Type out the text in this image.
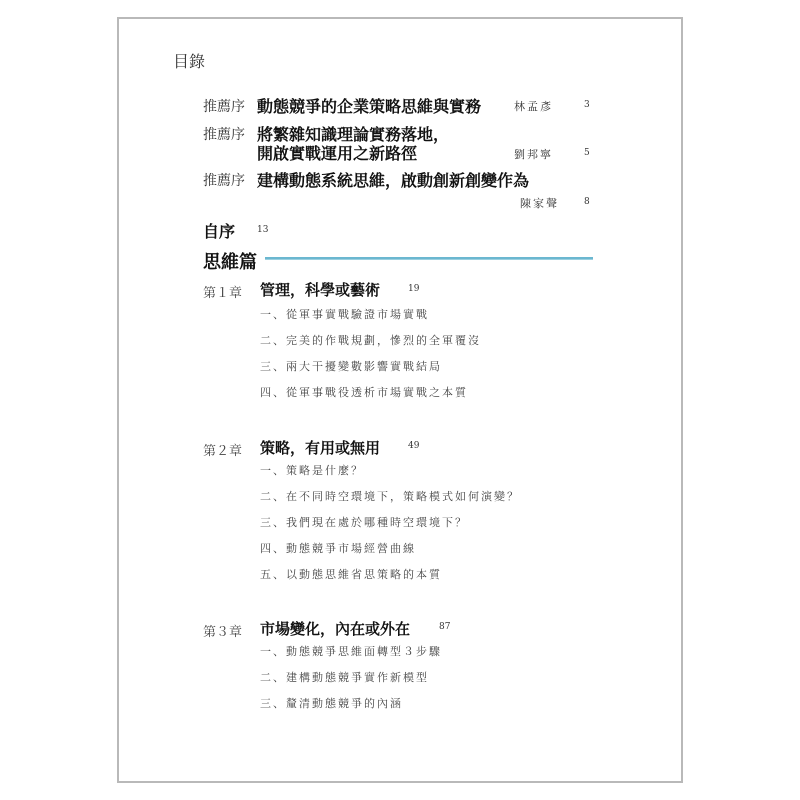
目錄
推薦序 動態競爭的企業策略思維與實務	林孟彥	3
推薦序 將繁雜知識理論實務落地，
開啟實戰運用之新路徑	劉邦寧	5
推薦序 建構動態系統思維，啟動創新創變作為
陳家聲	8
自序 13
思維篇
第１章 管理，科學或藝術	19
一、從軍事實戰驗證市場實戰
二、完美的作戰規劃，慘烈的全軍覆沒
三、兩大干擾變數影響實戰結局
四、從軍事戰役透析市場實戰之本質
第２章 策略，有用或無用	49
一、策略是什麼？
二、在不同時空環境下，策略模式如何演變？
三、我們現在處於哪種時空環境下？
四、動態競爭市場經營曲線
五、以動態思維省思策略的本質
第３章 市場變化，內在或外在	87
一、動態競爭思維面轉型３步驟
二、建構動態競爭實作新模型
三、釐清動態競爭的內涵
